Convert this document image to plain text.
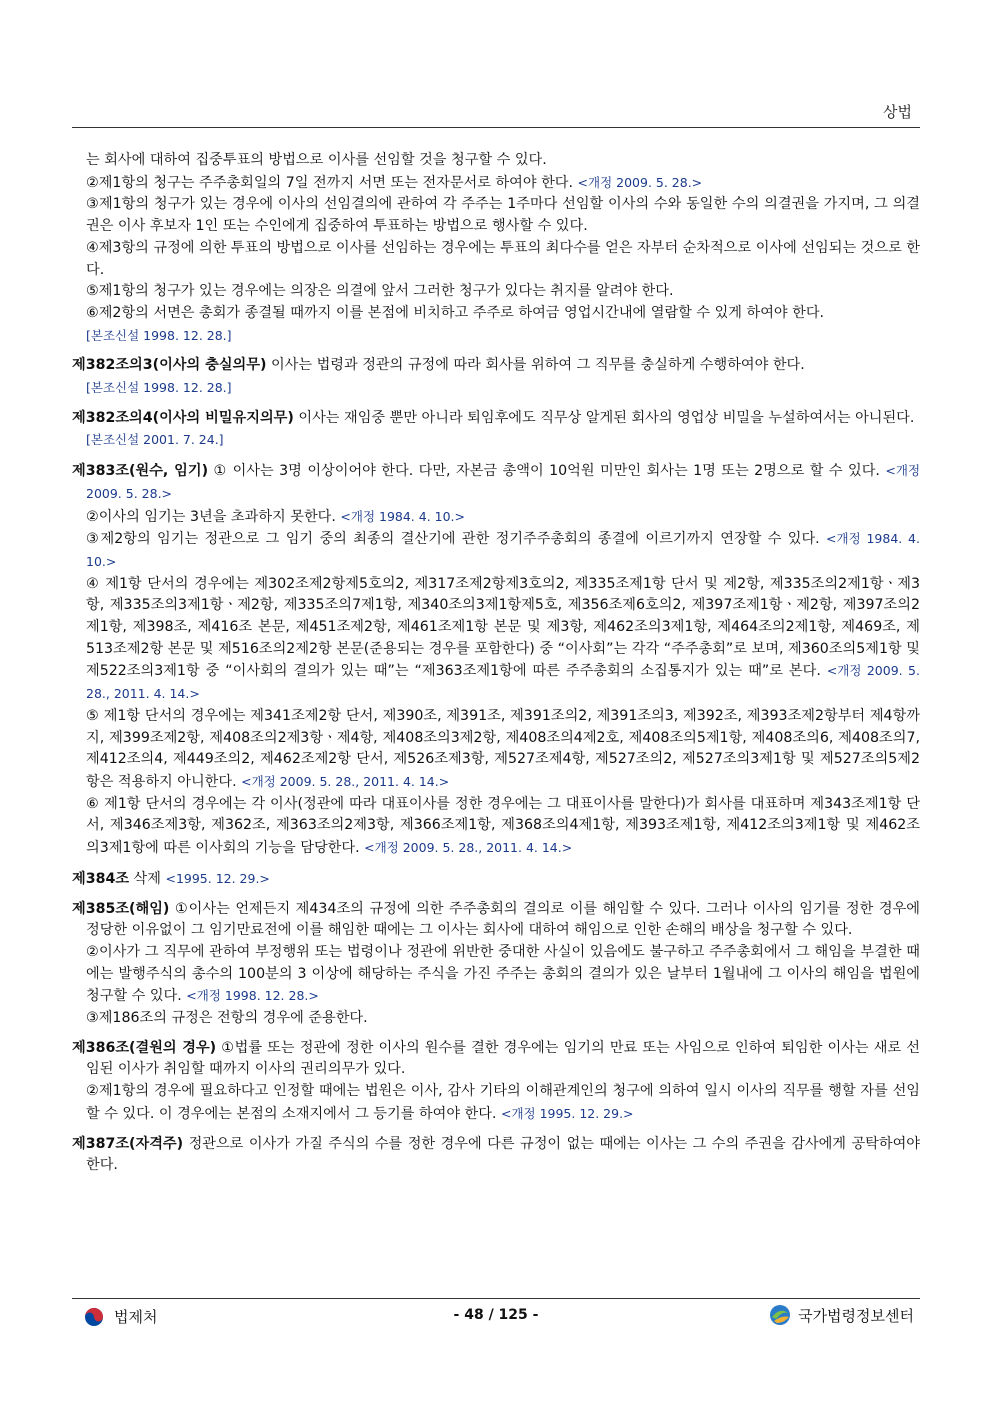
상법

는 회사에 대하여 집중투표의 방법으로 이사를 선임할 것을 청구할 수 있다.

②제1항의 청구는 주주총회일의 7일 전까지 서면 또는 전자문서로 하여야 한다. <개정 2009. 5. 28.>

③제1항의 청구가 있는 경우에 이사의 선임결의에 관하여 각 주주는 1주마다 선임할 이사의 수와 동일한 수의 의결권을 가지며, 그 의결권은 이사 후보자 1인 또는 수인에게 집중하여 투표하는 방법으로 행사할 수 있다.

④제3항의 규정에 의한 투표의 방법으로 이사를 선임하는 경우에는 투표의 최다수를 얻은 자부터 순차적으로 이사에 선임되는 것으로 한다.

⑤제1항의 청구가 있는 경우에는 의장은 의결에 앞서 그러한 청구가 있다는 취지를 알려야 한다.

⑥제2항의 서면은 총회가 종결될 때까지 이를 본점에 비치하고 주주로 하여금 영업시간내에 열람할 수 있게 하여야 한다.

[본조신설 1998. 12. 28.]

제382조의3(이사의 충실의무) 이사는 법령과 정관의 규정에 따라 회사를 위하여 그 직무를 충실하게 수행하여야 한다.

[본조신설 1998. 12. 28.]

제382조의4(이사의 비밀유지의무) 이사는 재임중 뿐만 아니라 퇴임후에도 직무상 알게된 회사의 영업상 비밀을 누설하여서는 아니된다.

[본조신설 2001. 7. 24.]

제383조(원수, 임기) ① 이사는 3명 이상이어야 한다. 다만, 자본금 총액이 10억원 미만인 회사는 1명 또는 2명으로 할 수 있다. <개정 2009. 5. 28.>

②이사의 임기는 3년을 초과하지 못한다. <개정 1984. 4. 10.>

③제2항의 임기는 정관으로 그 임기 중의 최종의 결산기에 관한 정기주주총회의 종결에 이르기까지 연장할 수 있다. <개정 1984. 4. 10.>

④ 제1항 단서의 경우에는 제302조제2항제5호의2, 제317조제2항제3호의2, 제335조제1항 단서 및 제2항, 제335조의2제1항ㆍ제3항, 제335조의3제1항ㆍ제2항, 제335조의7제1항, 제340조의3제1항제5호, 제356조제6호의2, 제397조제1항ㆍ제2항, 제397조의2제1항, 제398조, 제416조 본문, 제451조제2항, 제461조제1항 본문 및 제3항, 제462조의3제1항, 제464조의2제1항, 제469조, 제513조제2항 본문 및 제516조의2제2항 본문(준용되는 경우를 포함한다) 중 “이사회”는 각각 “주주총회”로 보며, 제360조의5제1항 및 제522조의3제1항 중 “이사회의 결의가 있는 때”는 “제363조제1항에 따른 주주총회의 소집통지가 있는 때”로 본다. <개정 2009. 5. 28., 2011. 4. 14.>

⑤ 제1항 단서의 경우에는 제341조제2항 단서, 제390조, 제391조, 제391조의2, 제391조의3, 제392조, 제393조제2항부터 제4항까지, 제399조제2항, 제408조의2제3항ㆍ제4항, 제408조의3제2항, 제408조의4제2호, 제408조의5제1항, 제408조의6, 제408조의7, 제412조의4, 제449조의2, 제462조제2항 단서, 제526조제3항, 제527조제4항, 제527조의2, 제527조의3제1항 및 제527조의5제2항은 적용하지 아니한다. <개정 2009. 5. 28., 2011. 4. 14.>

⑥ 제1항 단서의 경우에는 각 이사(정관에 따라 대표이사를 정한 경우에는 그 대표이사를 말한다)가 회사를 대표하며 제343조제1항 단서, 제346조제3항, 제362조, 제363조의2제3항, 제366조제1항, 제368조의4제1항, 제393조제1항, 제412조의3제1항 및 제462조의3제1항에 따른 이사회의 기능을 담당한다. <개정 2009. 5. 28., 2011. 4. 14.>

제384조 삭제 <1995. 12. 29.>

제385조(해임) ①이사는 언제든지 제434조의 규정에 의한 주주총회의 결의로 이를 해임할 수 있다. 그러나 이사의 임기를 정한 경우에 정당한 이유없이 그 임기만료전에 이를 해임한 때에는 그 이사는 회사에 대하여 해임으로 인한 손해의 배상을 청구할 수 있다.

②이사가 그 직무에 관하여 부정행위 또는 법령이나 정관에 위반한 중대한 사실이 있음에도 불구하고 주주총회에서 그 해임을 부결한 때에는 발행주식의 총수의 100분의 3 이상에 해당하는 주식을 가진 주주는 총회의 결의가 있은 날부터 1월내에 그 이사의 해임을 법원에 청구할 수 있다. <개정 1998. 12. 28.>

③제186조의 규정은 전항의 경우에 준용한다.

제386조(결원의 경우) ①법률 또는 정관에 정한 이사의 원수를 결한 경우에는 임기의 만료 또는 사임으로 인하여 퇴임한 이사는 새로 선임된 이사가 취임할 때까지 이사의 권리의무가 있다.

②제1항의 경우에 필요하다고 인정할 때에는 법원은 이사, 감사 기타의 이해관계인의 청구에 의하여 일시 이사의 직무를 행할 자를 선임할 수 있다. 이 경우에는 본점의 소재지에서 그 등기를 하여야 한다. <개정 1995. 12. 29.>

제387조(자격주) 정관으로 이사가 가질 주식의 수를 정한 경우에 다른 규정이 없는 때에는 이사는 그 수의 주권을 감사에게 공탁하여야 한다.

법제처	- 48 / 125 -	국가법령정보센터
